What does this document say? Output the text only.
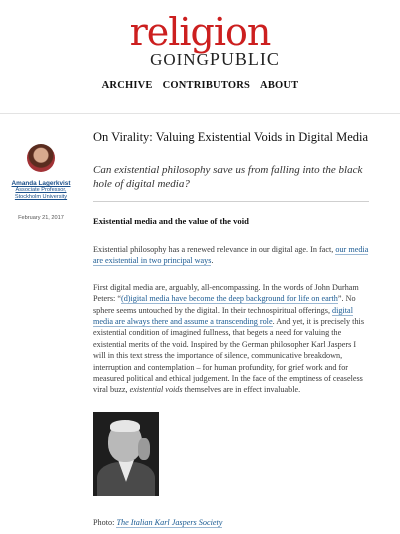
religion
GOINGPUBLIC
ARCHIVE CONTRIBUTORS ABOUT
Amanda Lagerkvist
Associate Professor,
Stockholm University
February 21, 2017
On Virality: Valuing Existential Voids in Digital Media

Can existential philosophy save us from falling into the black hole of digital media?

Existential media and the value of the void

Existential philosophy has a renewed relevance in our digital age. In fact, our media are existential in two principal ways.

First digital media are, arguably, all-encompassing. In the words of John Durham Peters: “(d)igital media have become the deep background for life on earth”. No sphere seems untouched by the digital. In their technospiritual offerings, digital media are always there and assume a transcending role. And yet, it is precisely this existential condition of imagined fullness, that begets a need for valuing the existential merits of the void. Inspired by the German philosopher Karl Jaspers I will in this text stress the importance of silence, communicative breakdown, interruption and contemplation – for human profundity, for grief work and for measured political and ethical judgement. In the face of the emptiness of ceaseless viral buzz, existential voids themselves are in effect invaluable.

Photo: The Italian Karl Jaspers Society
